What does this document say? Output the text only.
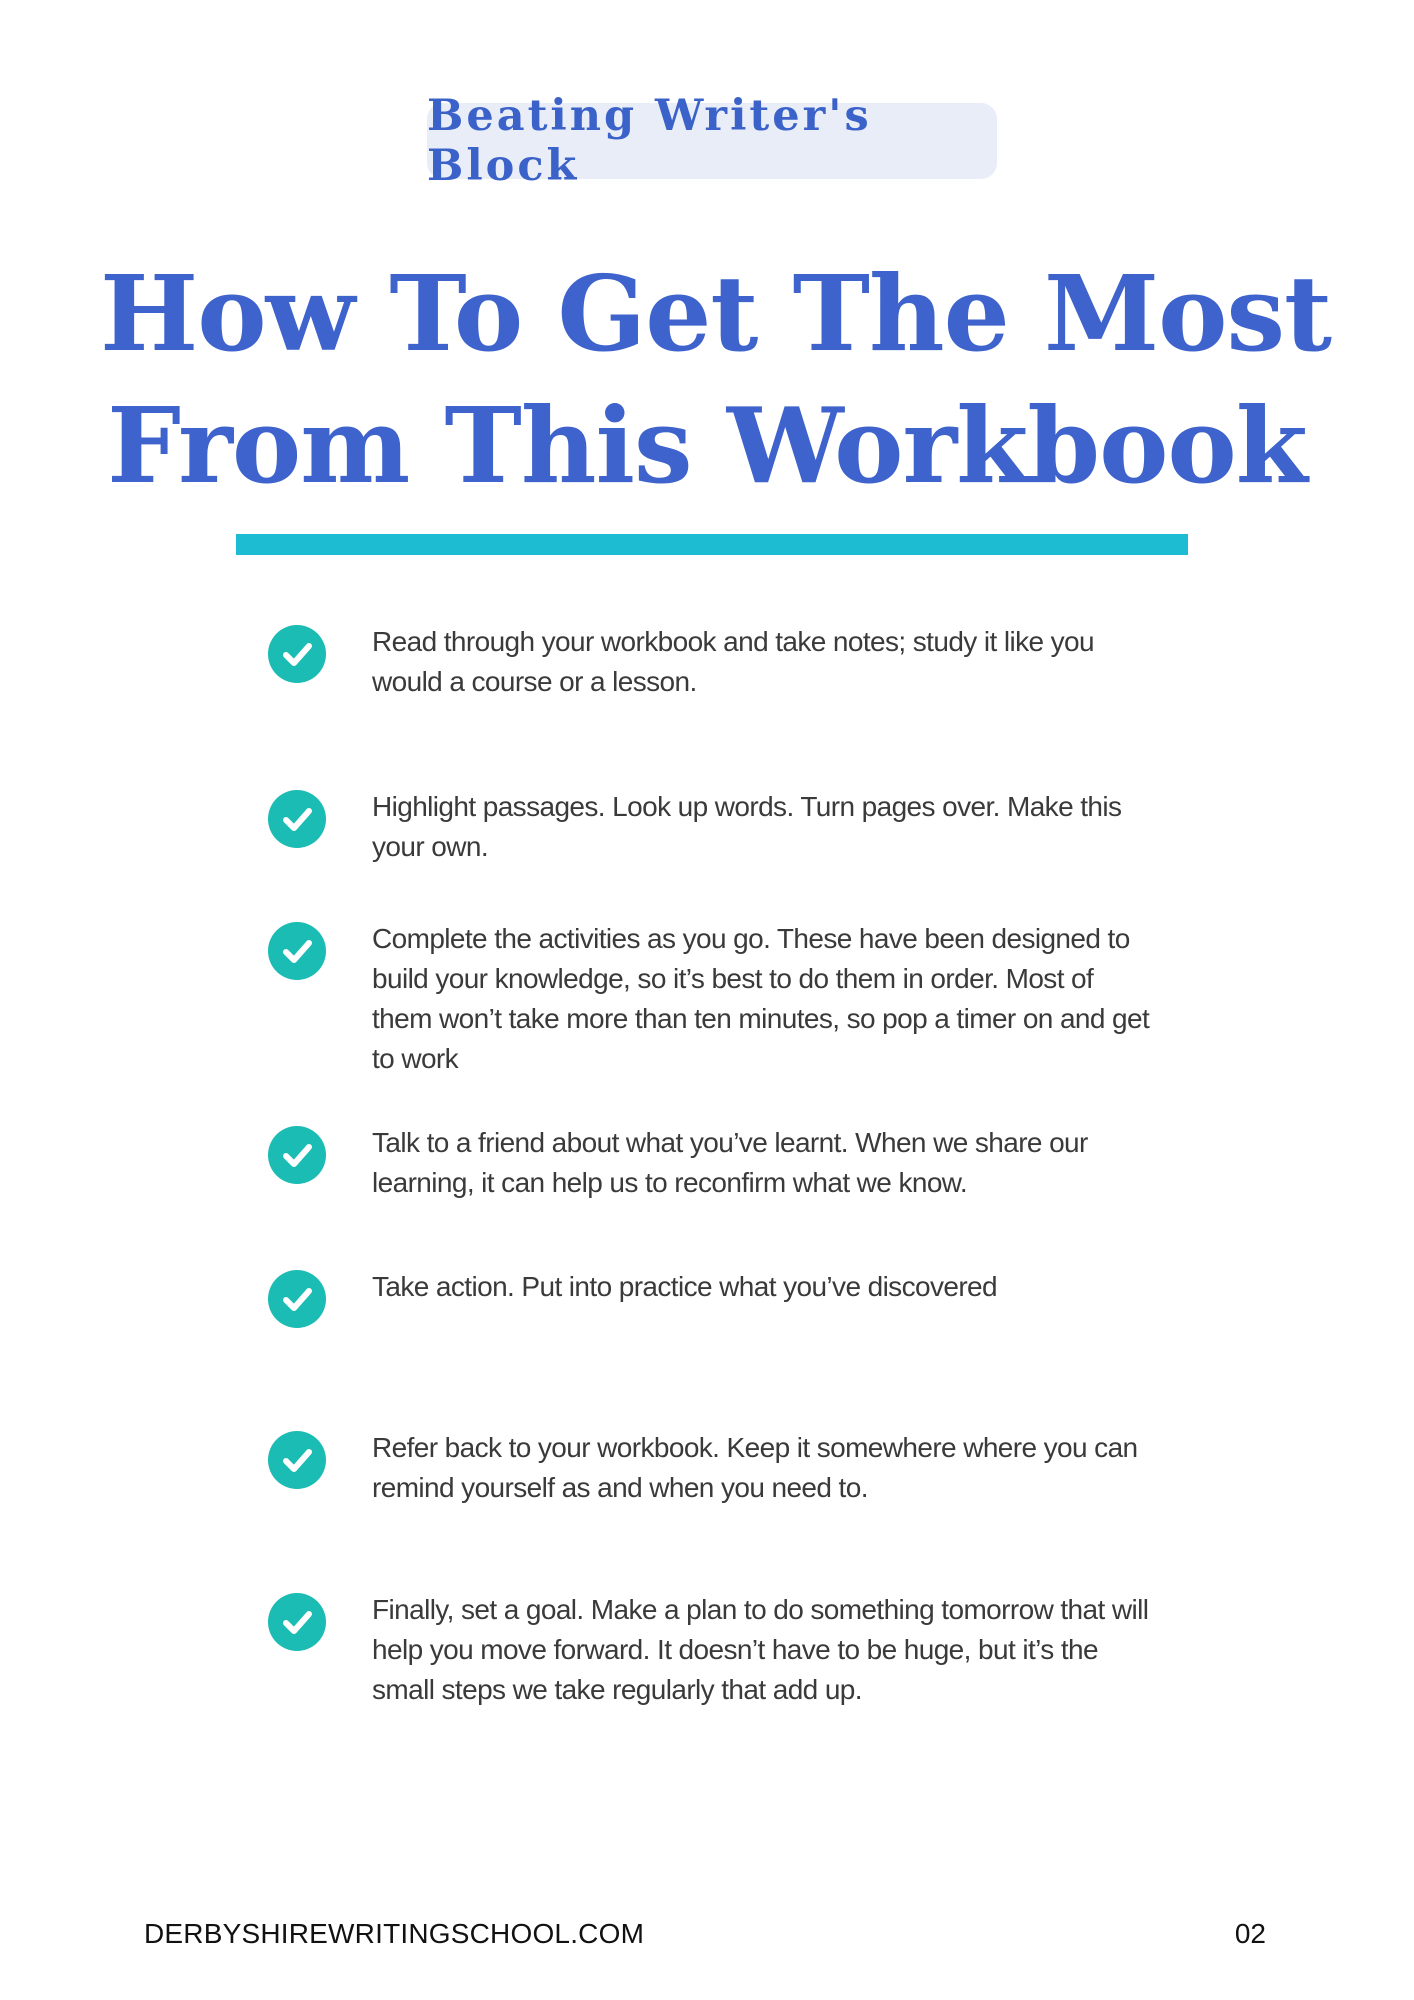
Beating Writer's Block
How To Get The Most
From This Workbook

Read through your workbook and take notes; study it like you would a course or a lesson.

Highlight passages. Look up words. Turn pages over. Make this your own.

Complete the activities as you go. These have been designed to build your knowledge, so it’s best to do them in order. Most of them won’t take more than ten minutes, so pop a timer on and get to work

Talk to a friend about what you’ve learnt. When we share our learning, it can help us to reconfirm what we know.

Take action. Put into practice what you’ve discovered

Refer back to your workbook. Keep it somewhere where you can remind yourself as and when you need to.

Finally, set a goal. Make a plan to do something tomorrow that will help you move forward. It doesn’t have to be huge, but it’s the small steps we take regularly that add up.

DERBYSHIREWRITINGSCHOOL.COM	02
